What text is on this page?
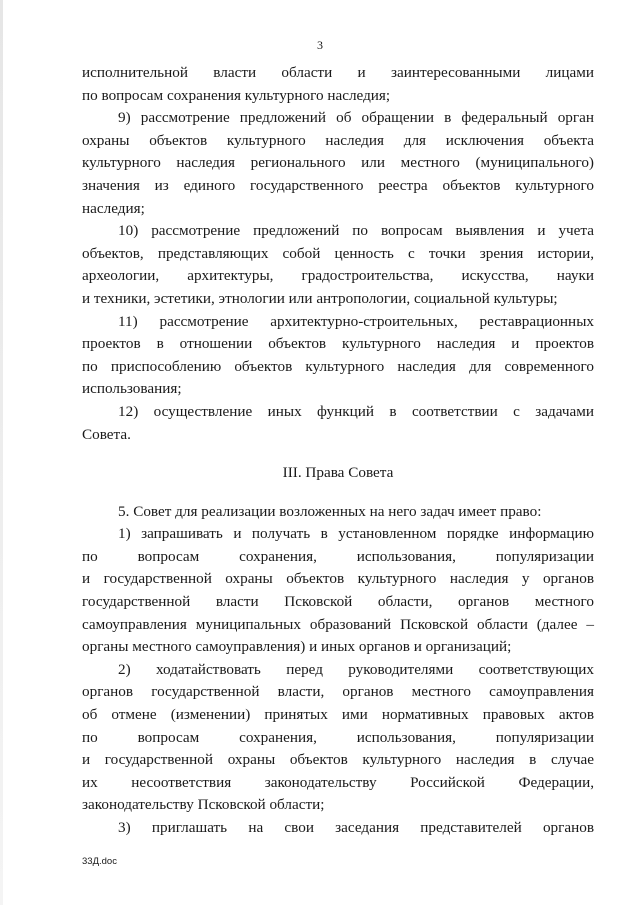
3
исполнительной власти области и заинтересованными лицами
по вопросам сохранения культурного наследия;
9) рассмотрение предложений об обращении в федеральный орган
охраны объектов культурного наследия для исключения объекта
культурного наследия регионального или местного (муниципального)
значения из единого государственного реестра объектов культурного
наследия;
10) рассмотрение предложений по вопросам выявления и учета
объектов, представляющих собой ценность с точки зрения истории,
археологии, архитектуры, градостроительства, искусства, науки
и техники, эстетики, этнологии или антропологии, социальной культуры;
11) рассмотрение архитектурно-строительных, реставрационных
проектов в отношении объектов культурного наследия и проектов
по приспособлению объектов культурного наследия для современного
использования;
12) осуществление иных функций в соответствии с задачами
Совета.
III. Права Совета
5. Совет для реализации возложенных на него задач имеет право:
1) запрашивать и получать в установленном порядке информацию
по вопросам сохранения, использования, популяризации
и государственной охраны объектов культурного наследия у органов
государственной власти Псковской области, органов местного
самоуправления муниципальных образований Псковской области (далее –
органы местного самоуправления) и иных органов и организаций;
2) ходатайствовать перед руководителями соответствующих
органов государственной власти, органов местного самоуправления
об отмене (изменении) принятых ими нормативных правовых актов
по вопросам сохранения, использования, популяризации
и государственной охраны объектов культурного наследия в случае
их несоответствия законодательству Российской Федерации,
законодательству Псковской области;
3) приглашать на свои заседания представителей органов
33Д.doc
